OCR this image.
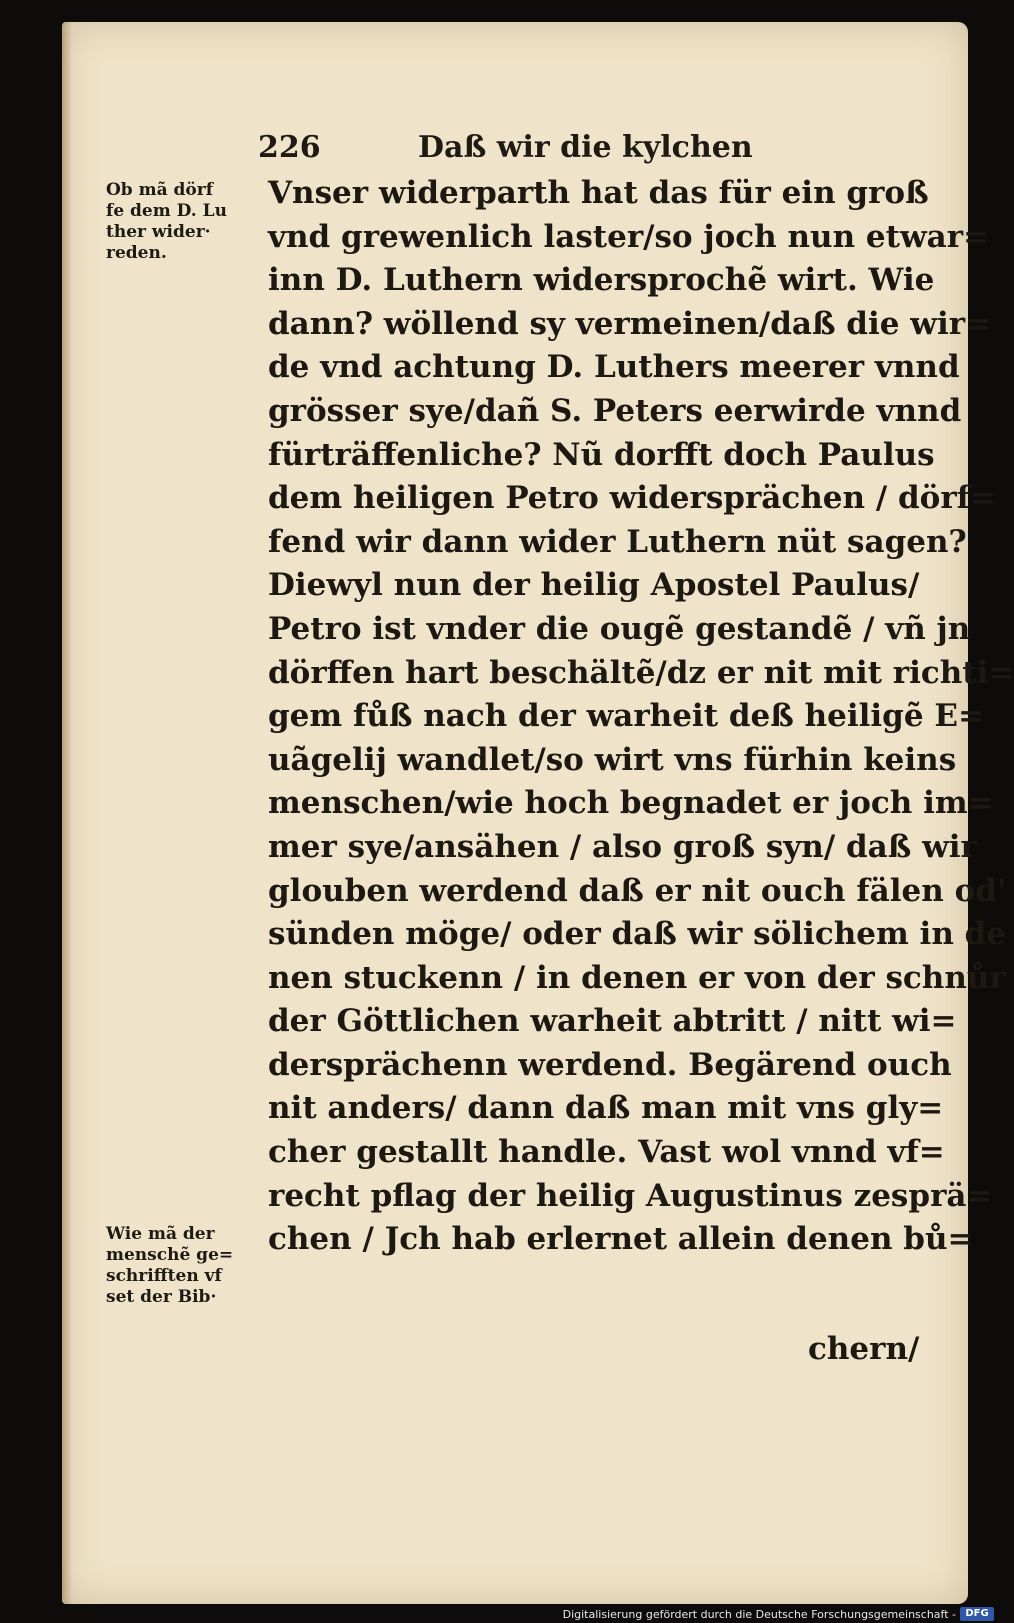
226	Daß wir die kylchen
Ob mã dörf
fe dem D. Lu
ther wider·
reden.
Wie mã der
menschẽ ge=
schrifften vf
set der Bib·
Vnser widerparth hat das für ein groß
vnd grewenlich laster/so joch nun etwar=
inn D. Luthern widersprochẽ wirt. Wie
dann? wöllend sy vermeinen/daß die wir=
de vnd achtung D. Luthers meerer vnnd
grösser sye/dañ S. Peters eerwirde vnnd
fürträffenliche? Nũ dorfft doch Paulus
dem heiligen Petro widersprächen / dörf=
fend wir dann wider Luthern nüt sagen?
Diewyl nun der heilig Apostel Paulus/
Petro ist vnder die ougẽ gestandẽ / vñ jn
dörffen hart beschältẽ/dz er nit mit richti=
gem fůß nach der warheit deß heiligẽ E=
uãgelij wandlet/so wirt vns fürhin keins
menschen/wie hoch begnadet er joch im=
mer sye/ansähen / also groß syn/ daß wir
glouben werdend daß er nit ouch fälen od'
sünden möge/ oder daß wir sölichem in de
nen stuckenn / in denen er von der schnůr
der Göttlichen warheit abtritt / nitt wi=
dersprächenn werdend. Begärend ouch
nit anders/ dann daß man mit vns gly=
cher gestallt handle. Vast wol vnnd vf=
recht pflag der heilig Augustinus zesprä=
chen / Jch hab erlernet allein denen bů=
chern/
Digitalisierung gefördert durch die Deutsche Forschungsgemeinschaft - DFG
